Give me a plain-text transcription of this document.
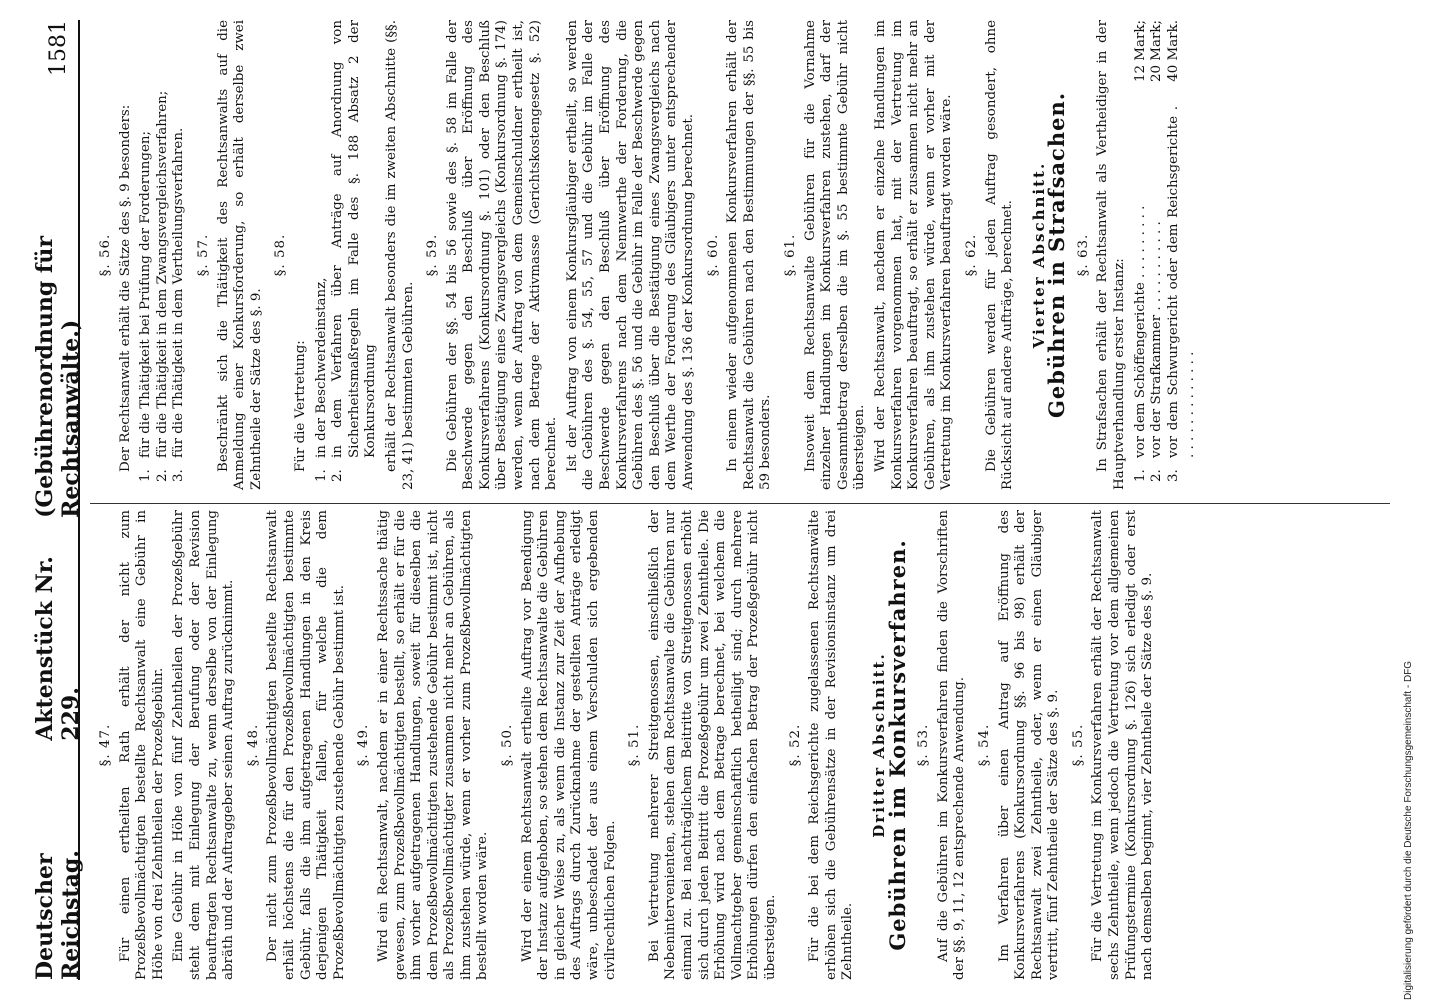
Deutscher Reichstag.
Aktenstück Nr. 229.
(Gebührenordnung für Rechtsanwälte.)
1581
§. 47. Für einen ertheilten Rath erhält der nicht zum Prozeßbevollmächtigten bestellte Rechtsanwalt eine Gebühr in Höhe von drei Zehntheilen der Prozeßgebühr. Eine Gebühr in Höhe von fünf Zehntheilen der Prozeßgebühr steht dem mit Einlegung der Berufung oder der Revision beauftragten Rechtsanwalte zu, wenn derselbe von der Einlegung abräth und der Auftraggeber seinen Auftrag zurücknimmt. §. 48. Der nicht zum Prozeßbevollmächtigten bestellte Rechtsanwalt erhält höchstens die für den Prozeßbevollmächtigten bestimmte Gebühr, falls die ihm aufgetragenen Handlungen in den Kreis derjenigen Thätigkeit fallen, für welche die dem Prozeßbevollmächtigten zustehende Gebühr bestimmt ist. §. 49. Wird ein Rechtsanwalt, nachdem er in einer Rechtssache thätig gewesen, zum Prozeßbevollmächtigten bestellt, so erhält er für die ihm vorher aufgetragenen Handlungen, soweit für dieselben die dem Prozeßbevollmächtigten zustehende Gebühr bestimmt ist, nicht als Prozeßbevollmächtigter zusammen nicht mehr an Gebühren, als ihm zustehen würde, wenn er vorher zum Prozeßbevollmächtigten bestellt worden wäre.
§. 50. Wird der einem Rechtsanwalt ertheilte Auftrag vor Beendigung der Instanz aufgehoben, so stehen dem Rechtsanwalte die Gebühren in gleicher Weise zu, als wenn die Instanz zur Zeit der Aufhebung des Auftrags durch Zurücknahme der gestellten Anträge erledigt wäre, unbeschadet der aus einem Verschulden sich ergebenden civilrechtlichen Folgen.
§. 51. Bei Vertretung mehrerer Streitgenossen, einschließlich der Nebenintervenienten, stehen dem Rechtsanwalte die Gebühren nur einmal zu. Bei nachträglichem Beitritte von Streitgenossen erhöht sich durch jeden Beitritt die Prozeßgebühr um zwei Zehntheile. Die Erhöhung wird nach dem Betrage berechnet, bei welchem die Vollmachtgeber gemeinschaftlich betheiligt sind; durch mehrere Erhöhungen dürfen den einfachen Betrag der Prozeßgebühr nicht übersteigen.
§. 52. Für die bei dem Reichsgerichte zugelassenen Rechtsanwälte erhöhen sich die Gebührensätze in der Revisionsinstanz um drei Zehntheile.
Dritter Abschnitt.
Gebühren im Konkursverfahren. §. 53. Auf die Gebühren im Konkursverfahren finden die Vorschriften der §§. 9, 11, 12 entsprechende Anwendung. §. 54. Im Verfahren über einen Antrag auf Eröffnung des Konkursverfahrens (Konkursordnung §§. 96 bis 98) erhält der Rechtsanwalt zwei Zehntheile, oder, wenn er einen Gläubiger vertritt, fünf Zehntheile der Sätze des §. 9. §. 55. Für die Vertretung im Konkursverfahren erhält der Rechtsanwalt sechs Zehntheile, wenn jedoch die Vertretung vor dem allgemeinen Prüfungstermine (Konkursordnung §. 126) sich erledigt oder erst nach demselben beginnt, vier Zehntheile der Sätze des §. 9.
§. 56. Der Rechtsanwalt erhält die Sätze des §. 9 besonders:
1.
für die Thätigkeit bei Prüfung der Forderungen;
2.
für die Thätigkeit in dem Zwangsvergleichsverfahren;
3.
für die Thätigkeit in dem Vertheilungsverfahren. §. 57. Beschränkt sich die Thätigkeit des Rechtsanwalts auf die Anmeldung einer Konkursforderung, so erhält derselbe zwei Zehntheile der Sätze des §. 9.
§. 58.
Für die Vertretung:
1.
in der Beschwerdeinstanz,
2.
in dem Verfahren über Anträge auf Anordnung von Sicherheitsmaßregeln im Falle des §. 188 Absatz 2 der Konkursordnung erhält der Rechtsanwalt besonders die im zweiten Abschnitte (§§. 23, 41) bestimmten Gebühren.
§. 59. Die Gebühren der §§. 54 bis 56 sowie des §. 58 im Falle der Beschwerde gegen den Beschluß über Eröffnung des Konkursverfahrens (Konkursordnung §. 101) oder den Beschluß über Bestätigung eines Zwangsvergleichs (Konkursordnung §. 174) werden, wenn der Auftrag von dem Gemeinschuldner ertheilt ist, nach dem Betrage der Aktivmasse (Gerichtskostengesetz §. 52) berechnet. Ist der Auftrag von einem Konkursgläubiger ertheilt, so werden die Gebühren des §. 54, 55, 57 und die Gebühr im Falle der Beschwerde gegen den Beschluß über Eröffnung des Konkursverfahrens nach dem Nennwerthe der Forderung, die Gebühren des §. 56 und die Gebühr im Falle der Beschwerde gegen den Beschluß über die Bestätigung eines Zwangsvergleichs nach dem Werthe der Forderung des Gläubigers unter entsprechender Anwendung des §. 136 der Konkursordnung berechnet. §. 60. In einem wieder aufgenommenen Konkursverfahren erhält der Rechtsanwalt die Gebühren nach den Bestimmungen der §§. 55 bis 59 besonders.
§. 61. Insoweit dem Rechtsanwalte Gebühren für die Vornahme einzelner Handlungen im Konkursverfahren zustehen, darf der Gesammtbetrag derselben die im §. 55 bestimmte Gebühr nicht übersteigen. Wird der Rechtsanwalt, nachdem er einzelne Handlungen im Konkursverfahren vorgenommen hat, mit der Vertretung im Konkursverfahren beauftragt, so erhält er zusammen nicht mehr an Gebühren, als ihm zustehen würde, wenn er vorher mit der Vertretung im Konkursverfahren beauftragt worden wäre. §. 62. Die Gebühren werden für jeden Auftrag gesondert, ohne Rücksicht auf andere Aufträge, berechnet. Vierter Abschnitt.
Gebühren in Strafsachen. §. 63. In Strafsachen erhält der Rechtsanwalt als Vertheidiger in der Hauptverhandlung erster Instanz: 1.
vor dem Schöffengerichte . . . . . . . . .
12 Mark;
2.
vor der Strafkammer . . . . . . . . . . .
20 Mark;
3.
vor dem Schwurgericht oder dem Reichsgerichte . . . . . . . . . . . . . .
40 Mark.
Digitalisierung gefördert durch die Deutsche Forschungsgemeinschaft - DFG
